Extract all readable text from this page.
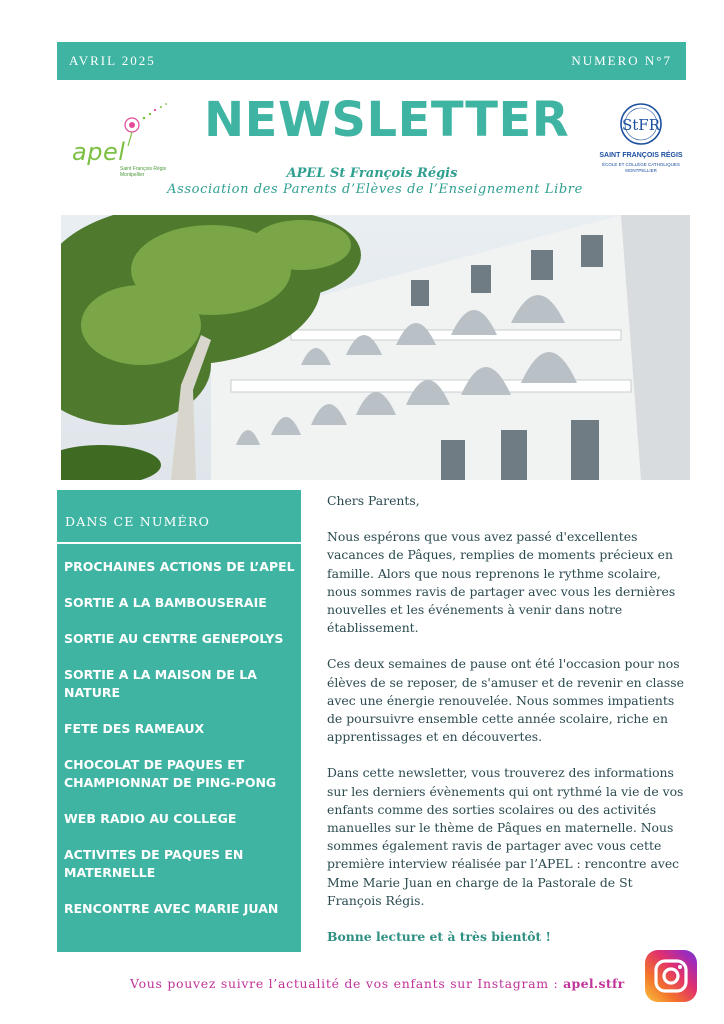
AVRIL 2025	NUMERO N°7
apel
Saint François Régis
Montpellier
NEWSLETTER
APEL St François Régis
Association des Parents d’Elèves de l’Enseignement Libre
StFR
SAINT FRANÇOIS RÉGIS
ÉCOLE ET COLLÈGE CATHOLIQUES
MONTPELLIER
DANS CE NUMÉRO
PROCHAINES ACTIONS DE L’APEL
SORTIE A LA BAMBOUSERAIE
SORTIE AU CENTRE GENEPOLYS
SORTIE A LA MAISON DE LA NATURE
FETE DES RAMEAUX
CHOCOLAT DE PAQUES ET CHAMPIONNAT DE PING-PONG
WEB RADIO AU COLLEGE
ACTIVITES DE PAQUES EN MATERNELLE
RENCONTRE AVEC MARIE JUAN

Chers Parents,

Nous espérons que vous avez passé d'excellentes vacances de Pâques, remplies de moments précieux en famille. Alors que nous reprenons le rythme scolaire, nous sommes ravis de partager avec vous les dernières nouvelles et les événements à venir dans notre établissement.

Ces deux semaines de pause ont été l'occasion pour nos élèves de se reposer, de s'amuser et de revenir en classe avec une énergie renouvelée. Nous sommes impatients de poursuivre ensemble cette année scolaire, riche en apprentissages et en découvertes.

Dans cette newsletter, vous trouverez des informations sur les derniers évènements qui ont rythmé la vie de vos enfants comme des sorties scolaires ou des activités manuelles sur le thème de Pâques en maternelle. Nous sommes également ravis de partager avec vous cette première interview réalisée par l’APEL : rencontre avec Mme Marie Juan en charge de la Pastorale de St François Régis.

Bonne lecture et à très bientôt !

Vous pouvez suivre l’actualité de vos enfants sur Instagram : apel.stfr
